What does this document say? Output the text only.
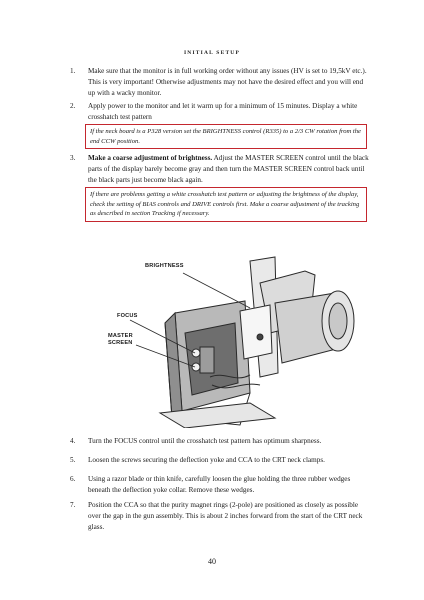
INITIAL SETUP
1. Make sure that the monitor is in full working order without any issues (HV is set to 19,5kV etc.). This is very important! Otherwise adjustments may not have the desired effect and you will end up with a wacky monitor.
2. Apply power to the monitor and let it warm up for a minimum of 15 minutes. Display a white crosshatch test pattern
If the neck board is a P328 version set the BRIGHTNESS control (R335) to a 2/3 CW rotation from the end CCW position.
3. Make a coarse adjustment of brightness. Adjust the MASTER SCREEN control until the black parts of the display barely become gray and then turn the MASTER SCREEN control back until the black parts just become black again.
If there are problems getting a white crosshatch test pattern or adjusting the brightness of the display, check the setting of BIAS controls and DRIVE controls first. Make a coarse adjustment of the tracking as described in section Tracking if necessary.
BRIGHTNESS
FOCUS
MASTER
SCREEN
4. Turn the FOCUS control until the crosshatch test pattern has optimum sharpness.
5. Loosen the screws securing the deflection yoke and CCA to the CRT neck clamps.
6. Using a razor blade or thin knife, carefully loosen the glue holding the three rubber wedges beneath the deflection yoke collar. Remove these wedges.
7. Position the CCA so that the purity magnet rings (2-pole) are positioned as closely as possible over the gap in the gun assembly. This is about 2 inches forward from the start of the CRT neck glass.
40
